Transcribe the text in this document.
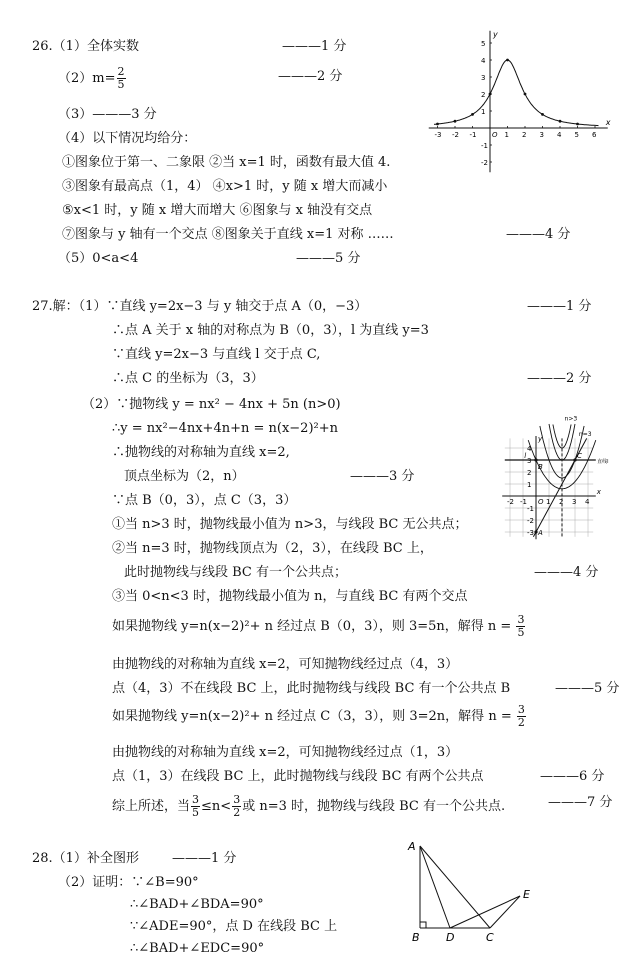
26.（1）全体实数	———1 分
$(2)m= \frac{2}{5}$	———2 分
（3）———3 分
（4）以下情况均给分：
①图象位于第一、二象限 ②当 x=1 时，函数有最大值 4.
③图象有最高点（1，4） ④x>1 时，y 随 x 增大而减小
⑤x<1 时，y 随 x 增大而增大 ⑥图象与 x 轴没有交点
⑦图象与 y 轴有一个交点 ⑧图象关于直线 x=1 对称 ……	———4 分
（5）0<a<4	———5 分
x
y
O
-3 -2 -1	1 2 3 4 5 6
5
4
3
2
1
-1
-2
27.解：（1）∵直线 y=2x−3 与 y 轴交于点 A（0，−3）	———1 分
∴点 A 关于 x 轴的对称点为 B（0，3），l 为直线 y=3
∵直线 y=2x−3 与直线 l 交于点 C,
∴点 C 的坐标为（3，3）	———2 分
（2）∵抛物线 y = nx² − 4nx + 5n (n>0)
∴y = nx²−4nx+4n+n = n(x−2)²+n
∴抛物线的对称轴为直线 x=2,
顶点坐标为（2，n）	———3 分
∵点 B（0，3），点 C（3，3）
①当 n>3 时，抛物线最小值为 n>3，与线段 BC 无公共点；
②当 n=3 时，抛物线顶点为（2，3），在线段 BC 上，
此时抛物线与线段 BC 有一个公共点；	———4 分
③当 0<n<3 时，抛物线最小值为 n，与直线 BC 有两个交点
如果抛物线 y=n(x−2)²+ n 经过点 B（0，3），则 3=5n，解得 $n = \frac{3}{5}$
由抛物线的对称轴为直线 x=2，可知抛物线经过点（4，3）
点（4，3）不在线段 BC 上，此时抛物线与线段 BC 有一个公共点 B	———5 分
如果抛物线 y=n(x−2)²+ n 经过点 C（3，3），则 3=2n，解得 $n = \frac{3}{2}$
由抛物线的对称轴为直线 x=2，可知抛物线经过点（1，3）
点（1，3）在线段 BC 上，此时抛物线与线段 BC 有两个公共点	———6 分
综上所述，当 $\frac{3}{5} \le n< \frac{3}{2}$ 或 n=3 时，抛物线与线段 BC 有一个公共点.	———7 分
x
y
O
-2 -1	1 2 3 4
4
3
2
1
-1
-2
-3
直线l
B
C
l
A
n>3
n=3
28.（1）补全图形	———1 分
（2）证明：∵∠B=90°
∴∠BAD+∠BDA=90°
∵∠ADE=90°，点 D 在线段 BC 上
∴∠BAD+∠EDC=90°
A
B D	C
E
